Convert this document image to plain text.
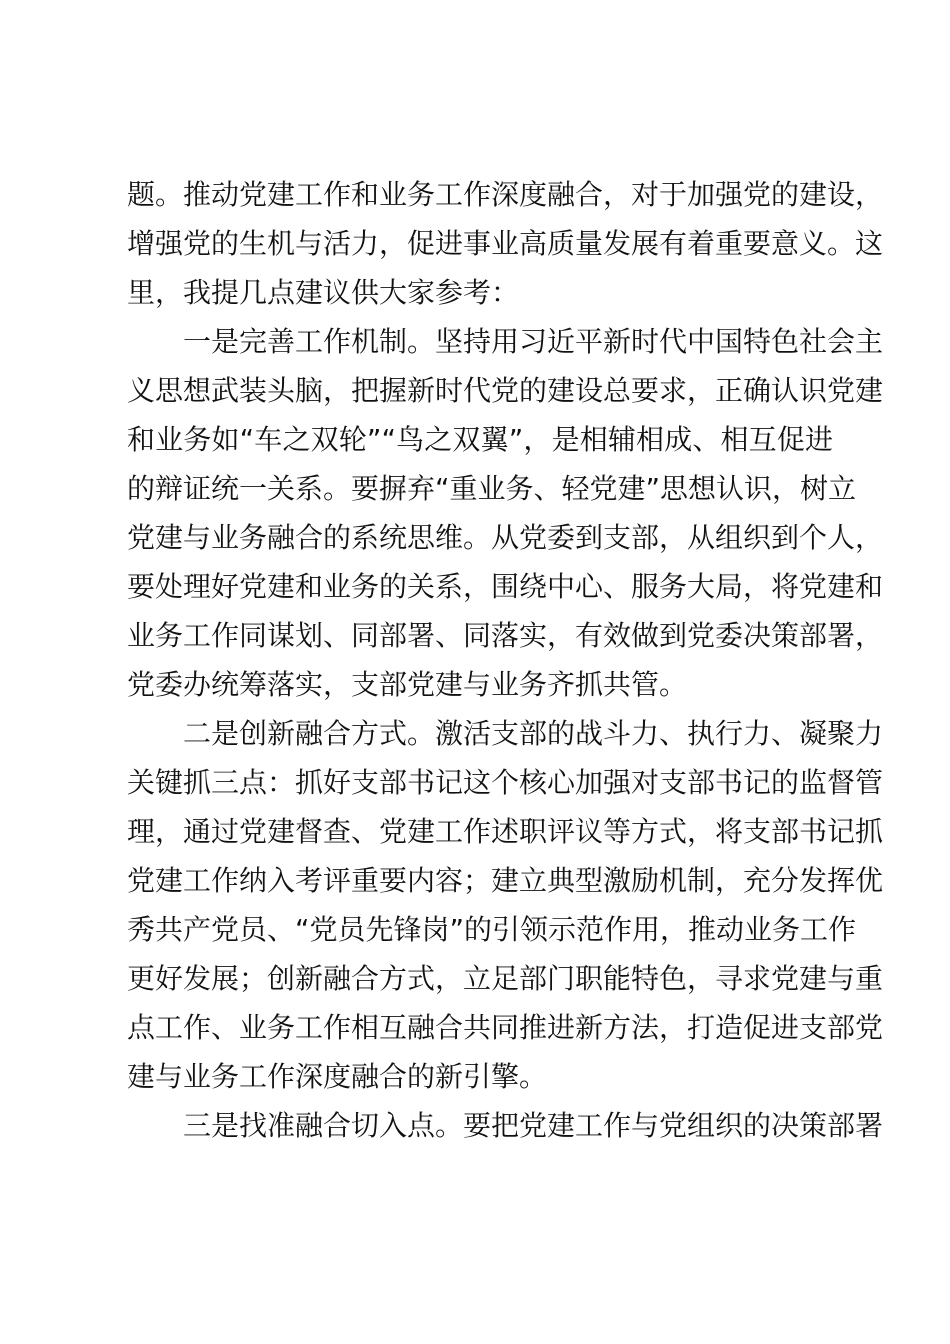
题。推动党建工作和业务工作深度融合，对于加强党的建设，
增强党的生机与活力，促进事业高质量发展有着重要意义。这
里，我提几点建议供大家参考：
一是完善工作机制。坚持用习近平新时代中国特色社会主
义思想武装头脑，把握新时代党的建设总要求，正确认识党建
和业务如“车之双轮”“鸟之双翼”，是相辅相成、相互促进
的辩证统一关系。要摒弃“重业务、轻党建”思想认识，树立
党建与业务融合的系统思维。从党委到支部，从组织到个人，
要处理好党建和业务的关系，围绕中心、服务大局，将党建和
业务工作同谋划、同部署、同落实，有效做到党委决策部署，
党委办统筹落实，支部党建与业务齐抓共管。
二是创新融合方式。激活支部的战斗力、执行力、凝聚力
关键抓三点：抓好支部书记这个核心加强对支部书记的监督管
理，通过党建督查、党建工作述职评议等方式，将支部书记抓
党建工作纳入考评重要内容；建立典型激励机制，充分发挥优
秀共产党员、“党员先锋岗”的引领示范作用，推动业务工作
更好发展；创新融合方式，立足部门职能特色，寻求党建与重
点工作、业务工作相互融合共同推进新方法，打造促进支部党
建与业务工作深度融合的新引擎。
三是找准融合切入点。要把党建工作与党组织的决策部署
